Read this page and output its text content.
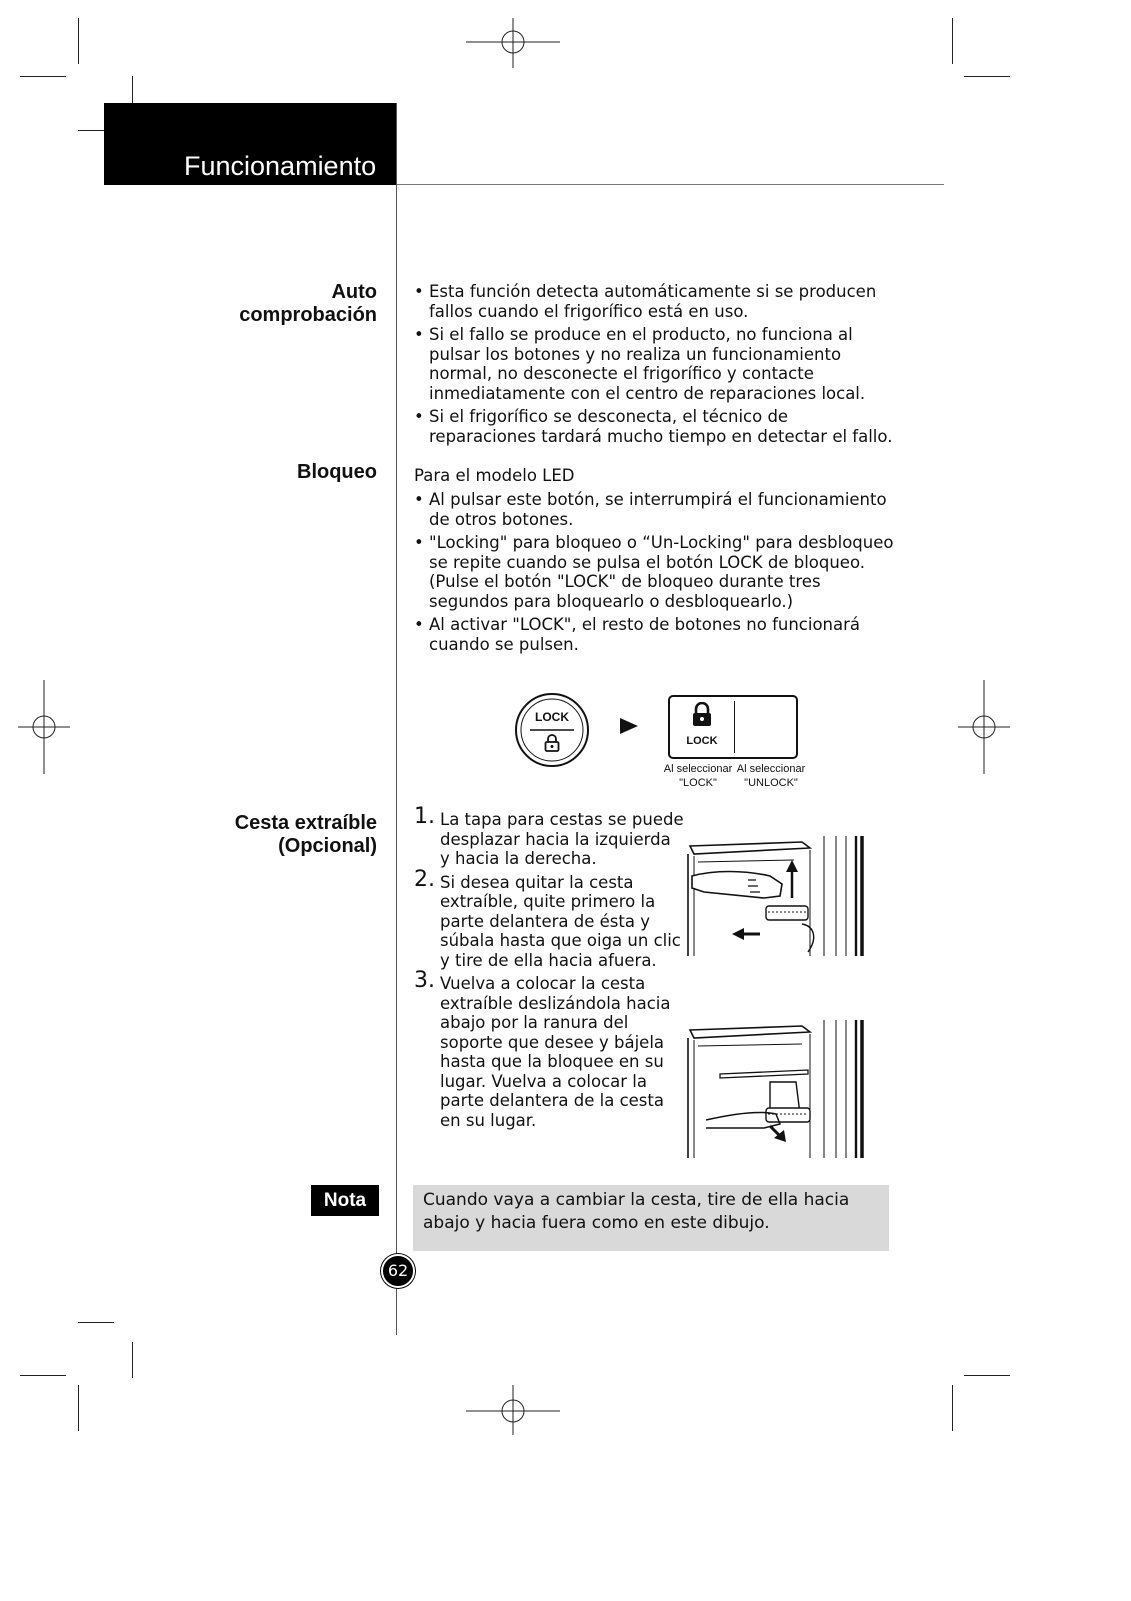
Funcionamiento
Auto
comprobación
• Esta función detecta automáticamente si se producen fallos cuando el frigorífico está en uso.
• Si el fallo se produce en el producto, no funciona al pulsar los botones y no realiza un funcionamiento normal, no desconecte el frigorífico y contacte inmediatamente con el centro de reparaciones local.
• Si el frigorífico se desconecta, el técnico de reparaciones tardará mucho tiempo en detectar el fallo.
Bloqueo Para el modelo LED
• Al pulsar este botón, se interrumpirá el funcionamiento de otros botones.
• "Locking" para bloqueo o “Un-Locking" para desbloqueo se repite cuando se pulsa el botón LOCK de bloqueo.
(Pulse el botón "LOCK" de bloqueo durante tres segundos para bloquearlo o desbloquearlo.)
• Al activar "LOCK", el resto de botones no funcionará cuando se pulsen.
LOCK
LOCK
Al seleccionar
"LOCK"
Al seleccionar
"UNLOCK"
Cesta extraíble
(Opcional)
1. La tapa para cestas se puede desplazar hacia la izquierda y hacia la derecha.
2. Si desea quitar la cesta extraíble, quite primero la parte delantera de ésta y súbala hasta que oiga un clic y tire de ella hacia afuera.
3. Vuelva a colocar la cesta extraíble deslizándola hacia abajo por la ranura del soporte que desee y bájela hasta que la bloquee en su lugar. Vuelva a colocar la parte delantera de la cesta en su lugar.
Nota	Cuando vaya a cambiar la cesta, tire de ella hacia abajo y hacia fuera como en este dibujo.
62
